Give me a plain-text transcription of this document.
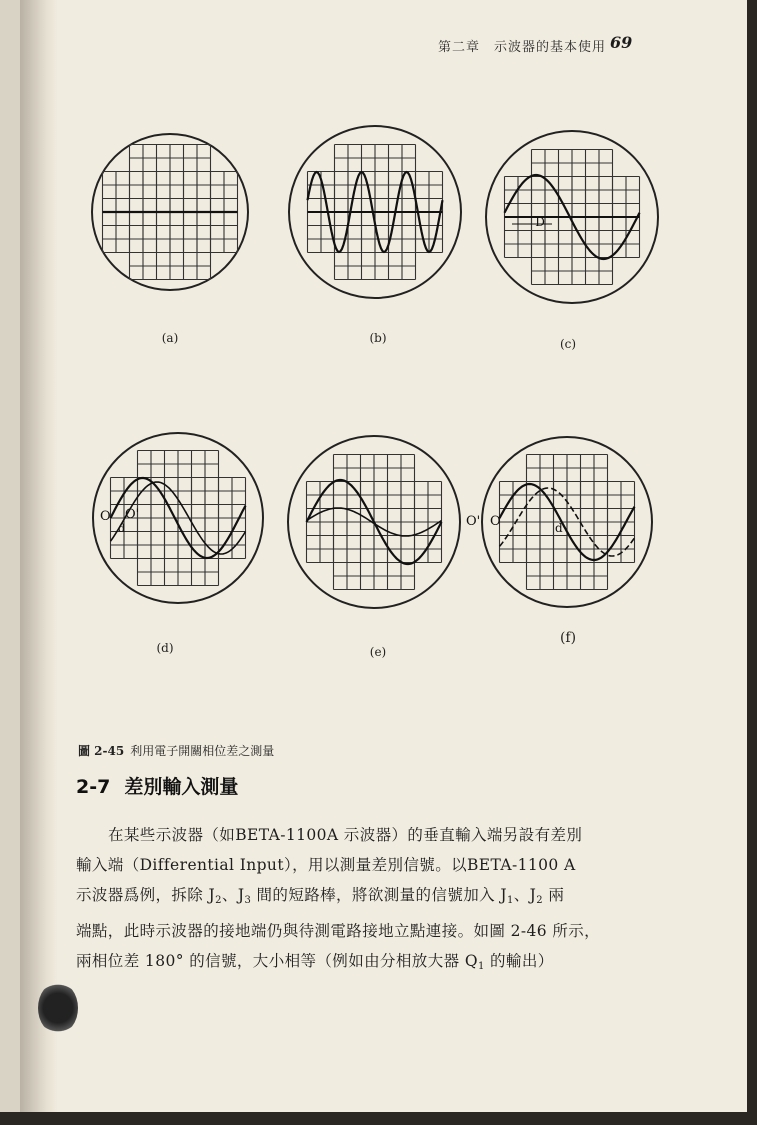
第二章　示波器的基本使用 69
(a)	(b)	(c)
(d)	(e)
(f)
D
O O'
d	O' O	d
圖 2-45 利用電子開關相位差之測量
2-7 差別輸入測量

在某些示波器（如BETA-1100A 示波器）的垂直輸入端另設有差別

輸入端（Differential Input），用以測量差別信號。以BETA-1100 A

示波器爲例，拆除 $J_2$、$J_3$ 間的短路棒，將欲測量的信號加入 $J_1$、$J_2$ 兩

端點，此時示波器的接地端仍與待測電路接地立點連接。如圖 2-46 所示，

兩相位差 180° 的信號，大小相等（例如由分相放大器 $Q_1$ 的輸出）
